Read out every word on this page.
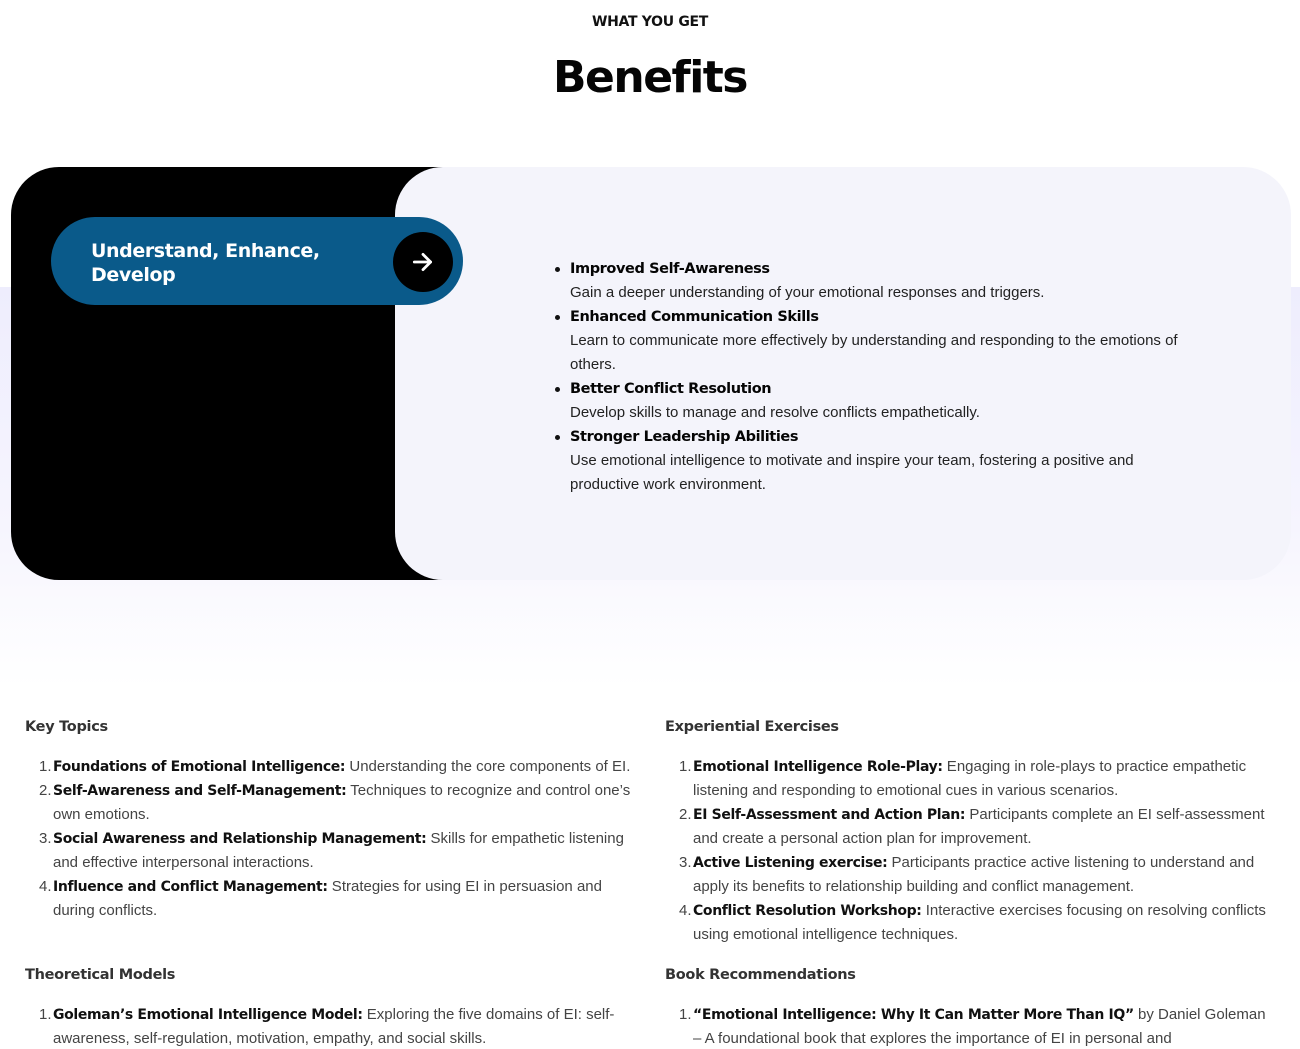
WHAT YOU GET
Benefits
Understand, Enhance, Develop	Improved Self-Awareness
Gain a deeper understanding of your emotional responses and triggers.
Enhanced Communication Skills
Learn to communicate more effectively by understanding and responding to the emotions of others.
Better Conflict Resolution
Develop skills to manage and resolve conflicts empathetically.
Stronger Leadership Abilities
Use emotional intelligence to motivate and inspire your team, fostering a positive and productive work environment.
Key Topics
1. Foundations of Emotional Intelligence: Understanding the core components of EI.
2. Self-Awareness and Self-Management: Techniques to recognize and control one’s own emotions.
3. Social Awareness and Relationship Management: Skills for empathetic listening and effective interpersonal interactions.
4. Influence and Conflict Management: Strategies for using EI in persuasion and during conflicts.
Experiential Exercises
1. Emotional Intelligence Role-Play: Engaging in role-plays to practice empathetic listening and responding to emotional cues in various scenarios.
2. EI Self-Assessment and Action Plan: Participants complete an EI self-assessment and create a personal action plan for improvement.
3. Active Listening exercise: Participants practice active listening to understand and apply its benefits to relationship building and conflict management.
4. Conflict Resolution Workshop: Interactive exercises focusing on resolving conflicts using emotional intelligence techniques.
Theoretical Models
1. Goleman’s Emotional Intelligence Model: Exploring the five domains of EI: self-awareness, self-regulation, motivation, empathy, and social skills.
Book Recommendations
1. “Emotional Intelligence: Why It Can Matter More Than IQ” by Daniel Goleman – A foundational book that explores the importance of EI in personal and
